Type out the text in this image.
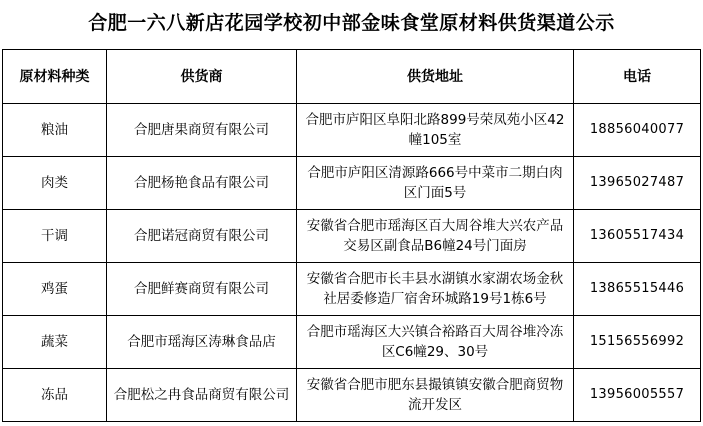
合肥一六八新店花园学校初中部金味食堂原材料供货渠道公示
原材料种类	供货商	供货地址	电话
粮油	合肥唐果商贸有限公司	合肥市庐阳区阜阳北路899号荣凤苑小区42幢105室	18856040077
肉类	合肥杨艳食品有限公司	合肥市庐阳区清源路666号中菜市二期白肉区门面5号	13965027487
干调	合肥诺冠商贸有限公司	安徽省合肥市瑶海区百大周谷堆大兴农产品交易区副食品B6幢24号门面房	13605517434
鸡蛋	合肥鲜赛商贸有限公司	安徽省合肥市长丰县水湖镇水家湖农场金秋社居委修造厂宿舍环城路19号1栋6号	13865515446
蔬菜	合肥市瑶海区涛琳食品店	合肥市瑶海区大兴镇合裕路百大周谷堆冷冻区C6幢29、30号	15156556992
冻品	合肥松之冉食品商贸有限公司	安徽省合肥市肥东县撮镇镇安徽合肥商贸物流开发区	13956005557
